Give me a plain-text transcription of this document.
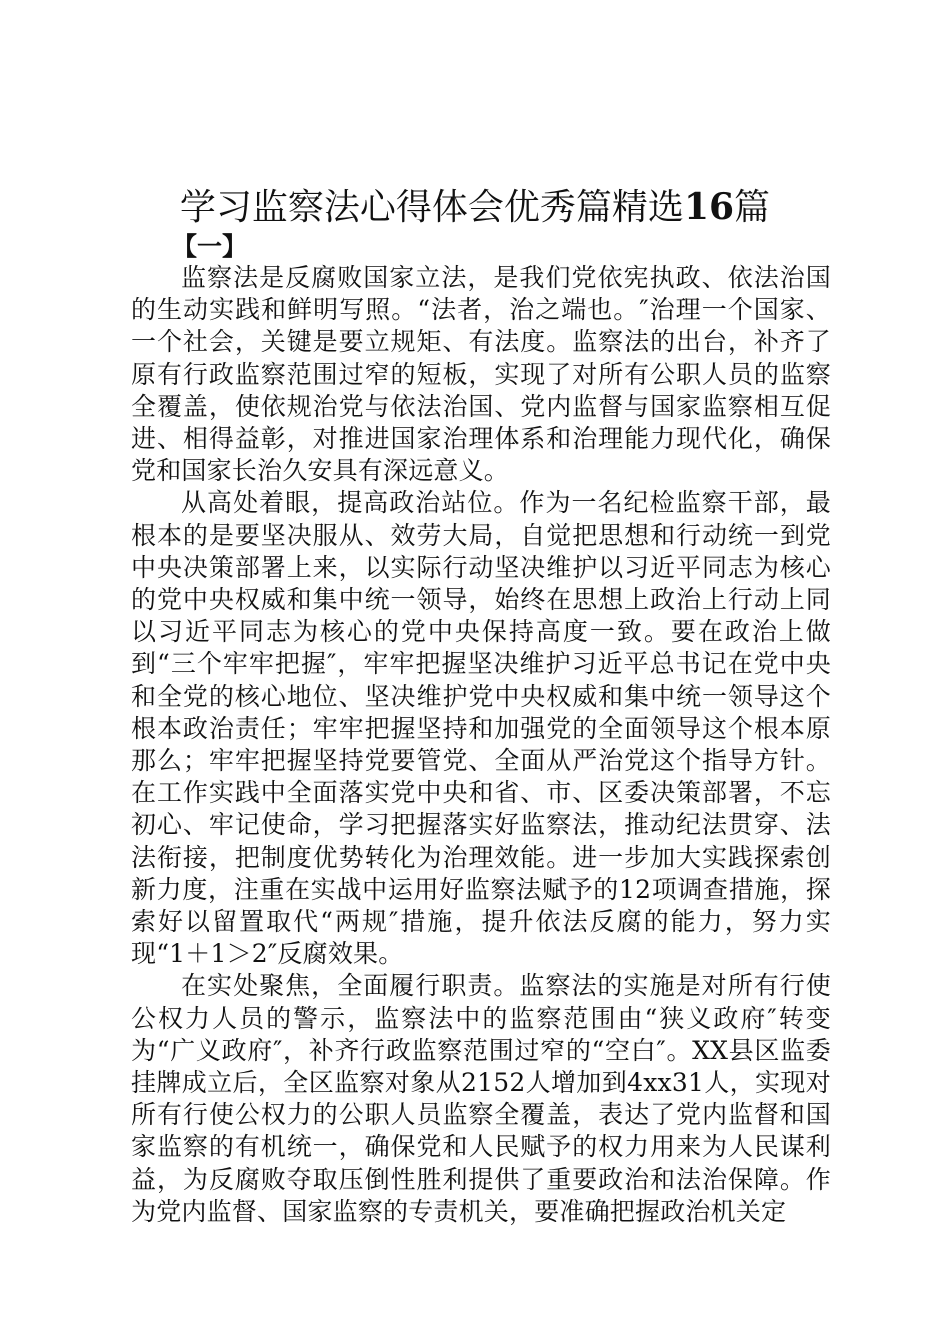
学习监察法心得体会优秀篇精选16篇
【一】

监察法是反腐败国家立法，是我们党依宪执政、依法治国的生动实践和鲜明写照。“法者，治之端也。″治理一个国家、一个社会，关键是要立规矩、有法度。监察法的出台，补齐了原有行政监察范围过窄的短板，实现了对所有公职人员的监察全覆盖，使依规治党与依法治国、党内监督与国家监察相互促进、相得益彰，对推进国家治理体系和治理能力现代化，确保党和国家长治久安具有深远意义。

从高处着眼，提高政治站位。作为一名纪检监察干部，最根本的是要坚决服从、效劳大局，自觉把思想和行动统一到党中央决策部署上来，以实际行动坚决维护以习近平同志为核心的党中央权威和集中统一领导，始终在思想上政治上行动上同以习近平同志为核心的党中央保持高度一致。要在政治上做到“三个牢牢把握″，牢牢把握坚决维护习近平总书记在党中央和全党的核心地位、坚决维护党中央权威和集中统一领导这个根本政治责任；牢牢把握坚持和加强党的全面领导这个根本原那么；牢牢把握坚持党要管党、全面从严治党这个指导方针。在工作实践中全面落实党中央和省、市、区委决策部署，不忘初心、牢记使命，学习把握落实好监察法，推动纪法贯穿、法法衔接，把制度优势转化为治理效能。进一步加大实践探索创新力度，注重在实战中运用好监察法赋予的12项调查措施，探索好以留置取代“两规″措施，提升依法反腐的能力，努力实现“1＋1＞2″反腐效果。

在实处聚焦，全面履行职责。监察法的实施是对所有行使公权力人员的警示，监察法中的监察范围由“狭义政府″转变为“广义政府″，补齐行政监察范围过窄的“空白″。XX县区监委挂牌成立后，全区监察对象从2152人增加到4xx31人，实现对所有行使公权力的公职人员监察全覆盖，表达了党内监督和国家监察的有机统一，确保党和人民赋予的权力用来为人民谋利益，为反腐败夺取压倒性胜利提供了重要政治和法治保障。作为党内监督、国家监察的专责机关，要准确把握政治机关定
